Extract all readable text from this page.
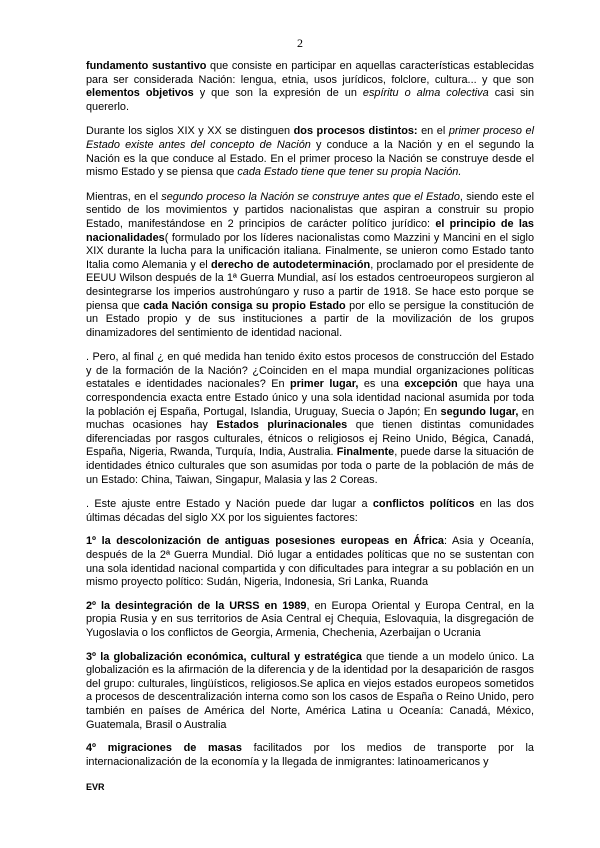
2

fundamento sustantivo que consiste en participar en aquellas características establecidas para ser considerada Nación: lengua, etnia, usos jurídicos, folclore, cultura... y que son elementos objetivos y que son la expresión de un espíritu o alma colectiva casi sin quererlo.

Durante los siglos XIX y XX se distinguen dos procesos distintos: en el primer proceso el Estado existe antes del concepto de Nación y conduce a la Nación y en el segundo la Nación es la que conduce al Estado. En el primer proceso la Nación se construye desde el mismo Estado y se piensa que cada Estado tiene que tener su propia Nación.

Mientras, en el segundo proceso la Nación se construye antes que el Estado, siendo este el sentido de los movimientos y partidos nacionalistas que aspiran a construir su propio Estado, manifestándose en 2 principios de carácter político jurídico: el principio de las nacionalidades( formulado por los líderes nacionalistas como Mazzini y Mancini en el siglo XIX durante la lucha para la unificación italiana. Finalmente, se unieron como Estado tanto Italia como Alemania y el derecho de autodeterminación, proclamado por el presidente de EEUU Wilson después de la 1ª Guerra Mundial, así los estados centroeuropeos surgieron al desintegrarse los imperios austrohúngaro y ruso a partir de 1918. Se hace esto porque se piensa que cada Nación consiga su propio Estado por ello se persigue la constitución de un Estado propio y de sus instituciones a partir de la movilización de los grupos dinamizadores del sentimiento de identidad nacional.

. Pero, al final ¿ en qué medida han tenido éxito estos procesos de construcción del Estado y de la formación de la Nación? ¿Coinciden en el mapa mundial organizaciones políticas estatales e identidades nacionales? En primer lugar, es una excepción que haya una correspondencia exacta entre Estado único y una sola identidad nacional asumida por toda la población ej España, Portugal, Islandia, Uruguay, Suecia o Japón; En segundo lugar, en muchas ocasiones hay Estados plurinacionales que tienen distintas comunidades diferenciadas por rasgos culturales, étnicos o religiosos ej Reino Unido, Bégica, Canadá, España, Nigeria, Rwanda, Turquía, India, Australia. Finalmente, puede darse la situación de identidades étnico culturales que son asumidas por toda o parte de la población de más de un Estado: China, Taiwan, Singapur, Malasia y las 2 Coreas.

. Este ajuste entre Estado y Nación puede dar lugar a conflictos políticos en las dos últimas décadas del siglo XX por los siguientes factores:

1º la descolonización de antiguas posesiones europeas en África: Asia y Oceanía, después de la 2ª Guerra Mundial. Dió lugar a entidades políticas que no se sustentan con una sola identidad nacional compartida y con dificultades para integrar a su población en un mismo proyecto político: Sudán, Nigeria, Indonesia, Sri Lanka, Ruanda

2º la desintegración de la URSS en 1989, en Europa Oriental y Europa Central, en la propia Rusia y en sus territorios de Asia Central ej Chequia, Eslovaquia, la disgregación de Yugoslavia o los conflictos de Georgia, Armenia, Chechenia, Azerbaijan o Ucrania

3º la globalización económica, cultural y estratégica que tiende a un modelo único. La globalización es la afirmación de la diferencia y de la identidad por la desaparición de rasgos del grupo: culturales, lingüísticos, religiosos.Se aplica en viejos estados europeos sometidos a procesos de descentralización interna como son los casos de España o Reino Unido, pero también en países de América del Norte, América Latina u Oceanía: Canadá, México, Guatemala, Brasil o Australia

4º migraciones de masas facilitados por los medios de transporte por la internacionalización de la economía y la llegada de inmigrantes: latinoamericanos y

EVR
